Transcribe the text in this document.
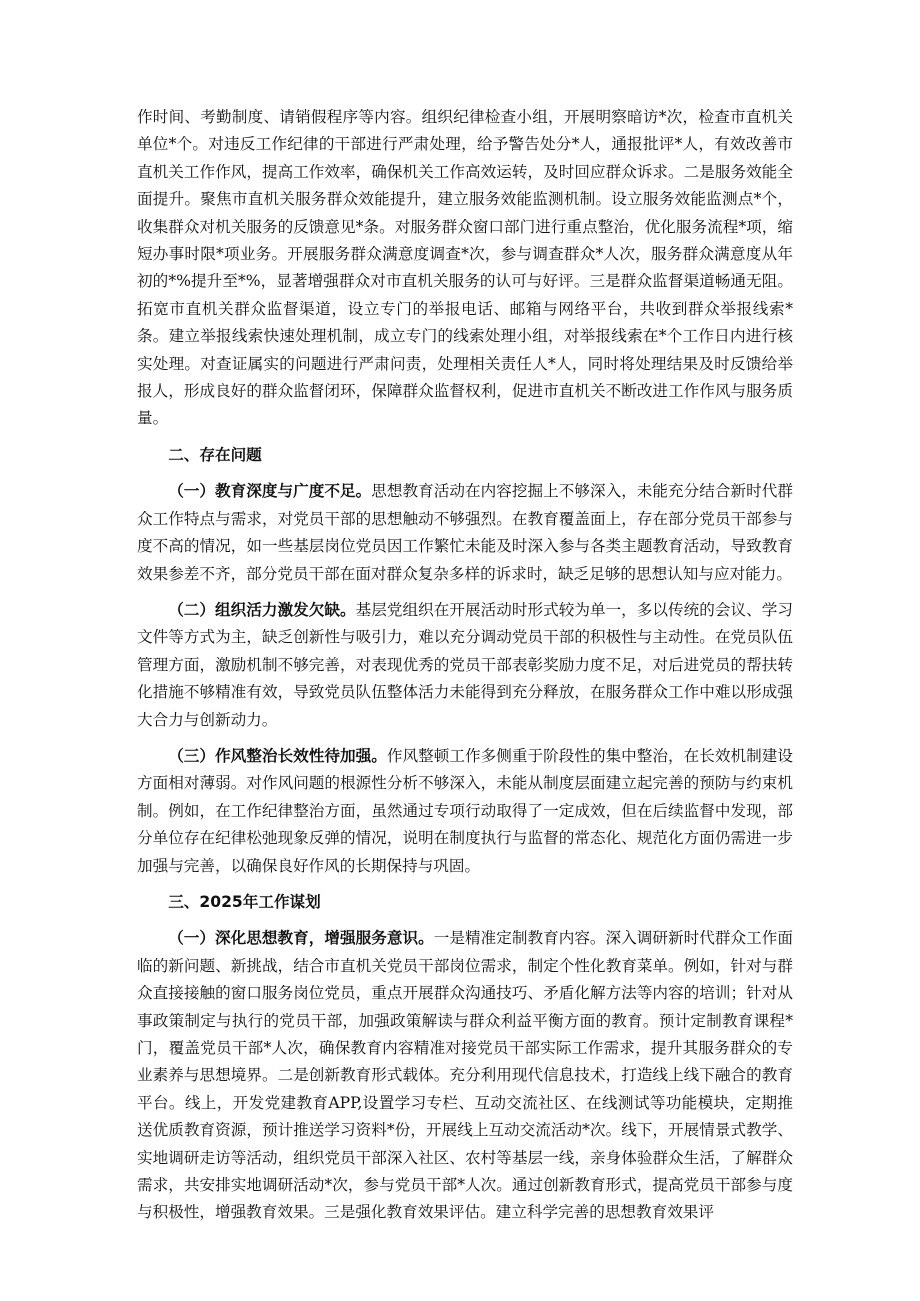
作时间、考勤制度、请销假程序等内容。组织纪律检查小组，开展明察暗访*次，检查市直机关单位*个。对违反工作纪律的干部进行严肃处理，给予警告处分*人，通报批评*人，有效改善市直机关工作作风，提高工作效率，确保机关工作高效运转，及时回应群众诉求。二是服务效能全面提升。聚焦市直机关服务群众效能提升，建立服务效能监测机制。设立服务效能监测点*个，收集群众对机关服务的反馈意见*条。对服务群众窗口部门进行重点整治，优化服务流程*项，缩短办事时限*项业务。开展服务群众满意度调查*次，参与调查群众*人次，服务群众满意度从年初的*%提升至*%，显著增强群众对市直机关服务的认可与好评。三是群众监督渠道畅通无阻。拓宽市直机关群众监督渠道，设立专门的举报电话、邮箱与网络平台，共收到群众举报线索*条。建立举报线索快速处理机制，成立专门的线索处理小组，对举报线索在*个工作日内进行核实处理。对查证属实的问题进行严肃问责，处理相关责任人*人，同时将处理结果及时反馈给举报人，形成良好的群众监督闭环，保障群众监督权利，促进市直机关不断改进工作作风与服务质量。

二、存在问题

（一）教育深度与广度不足。思想教育活动在内容挖掘上不够深入，未能充分结合新时代群众工作特点与需求，对党员干部的思想触动不够强烈。在教育覆盖面上，存在部分党员干部参与度不高的情况，如一些基层岗位党员因工作繁忙未能及时深入参与各类主题教育活动，导致教育效果参差不齐，部分党员干部在面对群众复杂多样的诉求时，缺乏足够的思想认知与应对能力。

（二）组织活力激发欠缺。基层党组织在开展活动时形式较为单一，多以传统的会议、学习文件等方式为主，缺乏创新性与吸引力，难以充分调动党员干部的积极性与主动性。在党员队伍管理方面，激励机制不够完善，对表现优秀的党员干部表彰奖励力度不足，对后进党员的帮扶转化措施不够精准有效，导致党员队伍整体活力未能得到充分释放，在服务群众工作中难以形成强大合力与创新动力。

（三）作风整治长效性待加强。作风整顿工作多侧重于阶段性的集中整治，在长效机制建设方面相对薄弱。对作风问题的根源性分析不够深入，未能从制度层面建立起完善的预防与约束机制。例如，在工作纪律整治方面，虽然通过专项行动取得了一定成效，但在后续监督中发现，部分单位存在纪律松弛现象反弹的情况，说明在制度执行与监督的常态化、规范化方面仍需进一步加强与完善，以确保良好作风的长期保持与巩固。

三、2025年工作谋划

（一）深化思想教育，增强服务意识。一是精准定制教育内容。深入调研新时代群众工作面临的新问题、新挑战，结合市直机关党员干部岗位需求，制定个性化教育菜单。例如，针对与群众直接接触的窗口服务岗位党员，重点开展群众沟通技巧、矛盾化解方法等内容的培训；针对从事政策制定与执行的党员干部，加强政策解读与群众利益平衡方面的教育。预计定制教育课程*门，覆盖党员干部*人次，确保教育内容精准对接党员干部实际工作需求，提升其服务群众的专业素养与思想境界。二是创新教育形式载体。充分利用现代信息技术，打造线上线下融合的教育平台。线上，开发党建教育APP,设置学习专栏、互动交流社区、在线测试等功能模块，定期推送优质教育资源，预计推送学习资料*份，开展线上互动交流活动*次。线下，开展情景式教学、实地调研走访等活动，组织党员干部深入社区、农村等基层一线，亲身体验群众生活，了解群众需求，共安排实地调研活动*次，参与党员干部*人次。通过创新教育形式，提高党员干部参与度与积极性，增强教育效果。三是强化教育效果评估。建立科学完善的思想教育效果评
